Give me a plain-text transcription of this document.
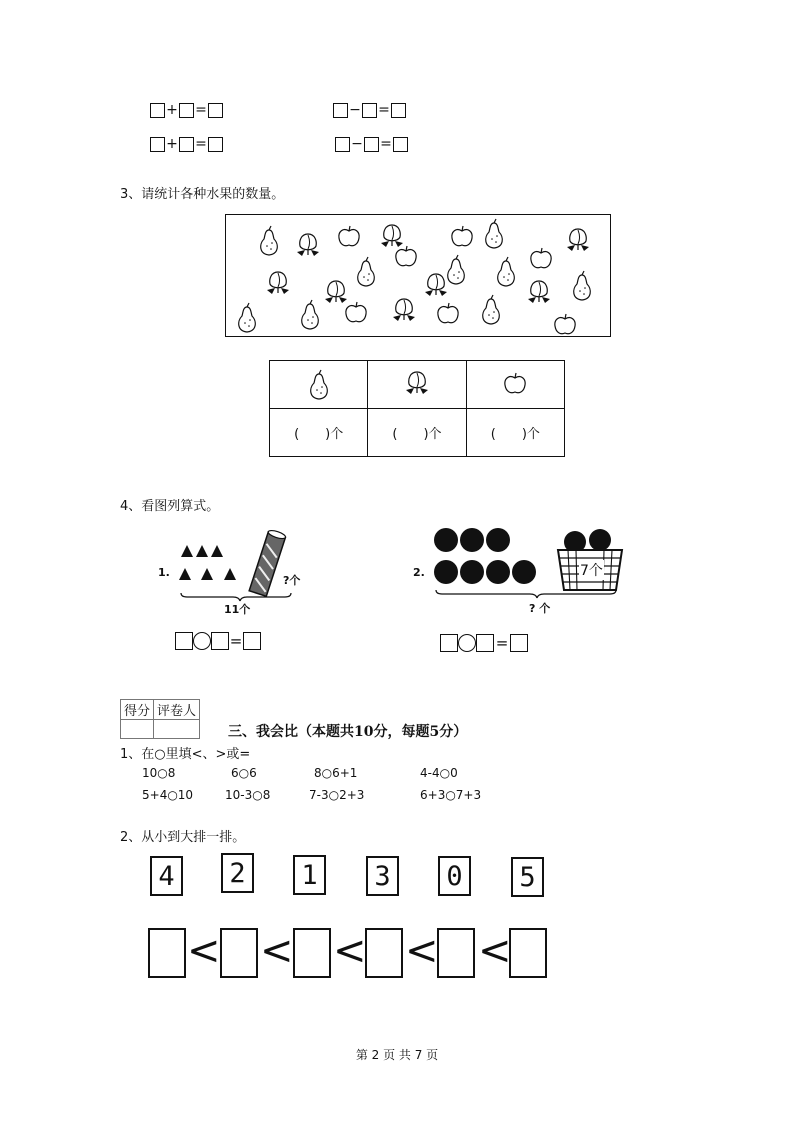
+ =	− =
+ =	− =
3、请统计各种水果的数量。

(　　)个	(　　)个	(　　)个
4、看图列算式。
1.
?个
11个
=
2.	7个
? 个
=
得分	评卷人

三、我会比（本题共10分，每题5分）
1、在○里填<、>或=
10○8	6○6	8○6+1	4-4○0
5+4○10	10-3○8	7-3○2+3	6+3○7+3
2、从小到大排一排。
4	2	1	3	0	5
< < < < <
第 2 页 共 7 页
